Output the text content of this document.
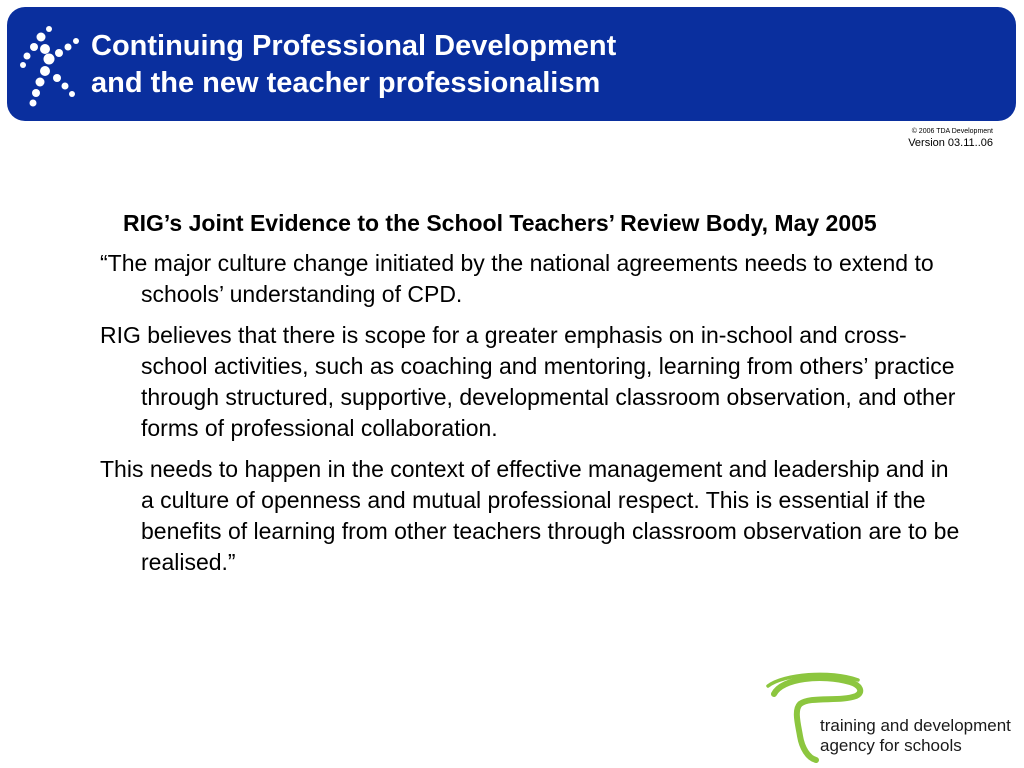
Continuing Professional Development
and the new teacher professionalism
© 2006 TDA Development
Version 03.11..06

RIG’s Joint Evidence to the School Teachers’ Review Body, May 2005

“The major culture change initiated by the national agreements needs to extend to schools’ understanding of CPD.

RIG believes that there is scope for a greater emphasis on in-school and cross-school activities, such as coaching and mentoring, learning from others’ practice through structured, supportive, developmental classroom observation, and other forms of professional collaboration.

This needs to happen in the context of effective management and leadership and in a culture of openness and mutual professional respect. This is essential if the benefits of learning from other teachers through classroom observation are to be realised.”

training and development
agency for schools
